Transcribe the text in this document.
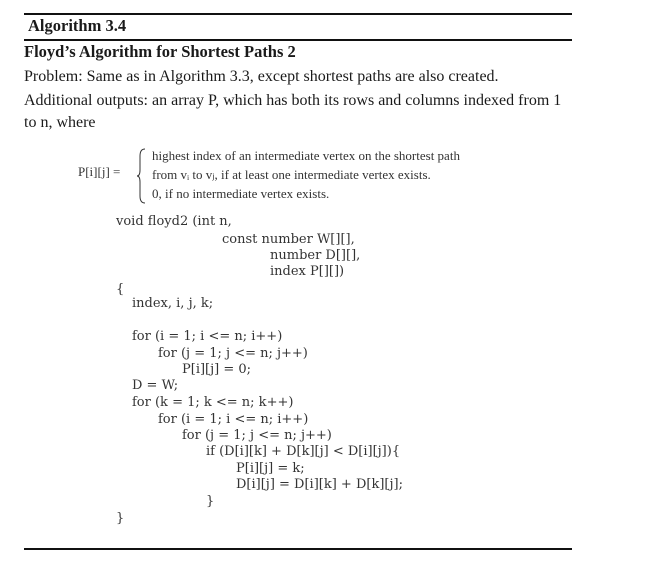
Algorithm 3.4
Floyd’s Algorithm for Shortest Paths 2
Problem: Same as in Algorithm 3.3, except shortest paths are also created.
Additional outputs: an array P, which has both its rows and columns indexed from 1 to n, where
P[i][j] =
highest index of an intermediate vertex on the shortest path
from vᵢ to vⱼ, if at least one intermediate vertex exists.
0, if no intermediate vertex exists.

void floyd2 (int n,

const number W[][],

number D[][],

index P[][])

{

index, i, j, k;

for (i = 1; i <= n; i++)

for (j = 1; j <= n; j++)

P[i][j] = 0;

D = W;

for (k = 1; k <= n; k++)

for (i = 1; i <= n; i++)

for (j = 1; j <= n; j++)

if (D[i][k] + D[k][j] < D[i][j]){

P[i][j] = k;

D[i][j] = D[i][k] + D[k][j];

}

}
